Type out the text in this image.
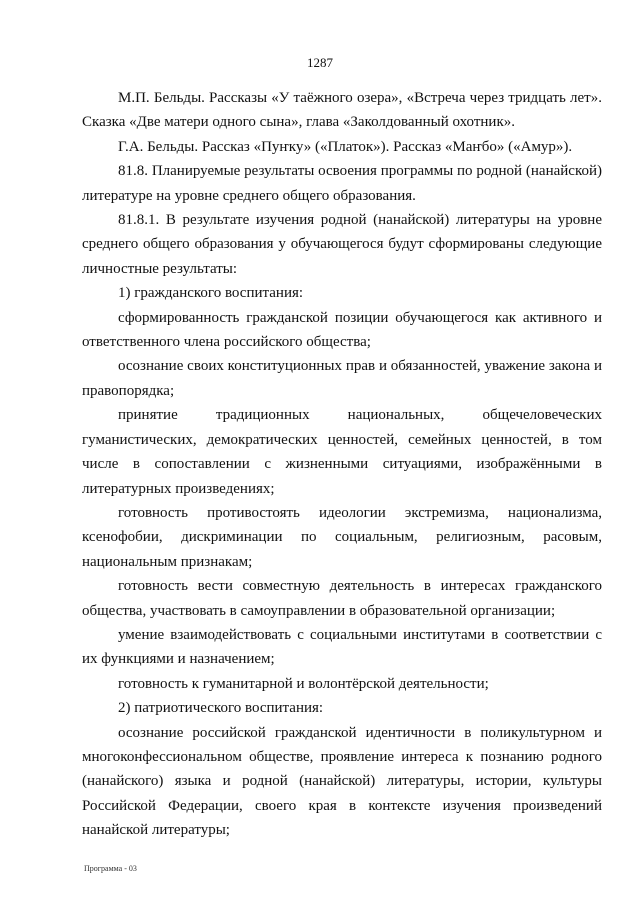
1287

М.П. Бельды. Рассказы «У таёжного озера», «Встреча через тридцать лет». Сказка «Две матери одного сына», глава «Заколдованный охотник».

Г.А. Бельды. Рассказ «Пуҥку» («Платок»). Рассказ «Маҥбо» («Амур»).

81.8. Планируемые результаты освоения программы по родной (нанайской) литературе на уровне среднего общего образования.

81.8.1. В результате изучения родной (нанайской) литературы на уровне среднего общего образования у обучающегося будут сформированы следующие личностные результаты:

1) гражданского воспитания:

сформированность гражданской позиции обучающегося как активного и ответственного члена российского общества;

осознание своих конституционных прав и обязанностей, уважение закона и правопорядка;

принятие традиционных национальных, общечеловеческих гуманистических, демократических ценностей, семейных ценностей, в том числе в сопоставлении с жизненными ситуациями, изображёнными в литературных произведениях;

готовность противостоять идеологии экстремизма, национализма, ксенофобии, дискриминации по социальным, религиозным, расовым, национальным признакам;

готовность вести совместную деятельность в интересах гражданского общества, участвовать в самоуправлении в образовательной организации;

умение взаимодействовать с социальными институтами в соответствии с их функциями и назначением;

готовность к гуманитарной и волонтёрской деятельности;

2) патриотического воспитания:

осознание российской гражданской идентичности в поликультурном и многоконфессиональном обществе, проявление интереса к познанию родного (нанайского) языка и родной (нанайской) литературы, истории, культуры Российской Федерации, своего края в контексте изучения произведений нанайской литературы;

Программа - 03
